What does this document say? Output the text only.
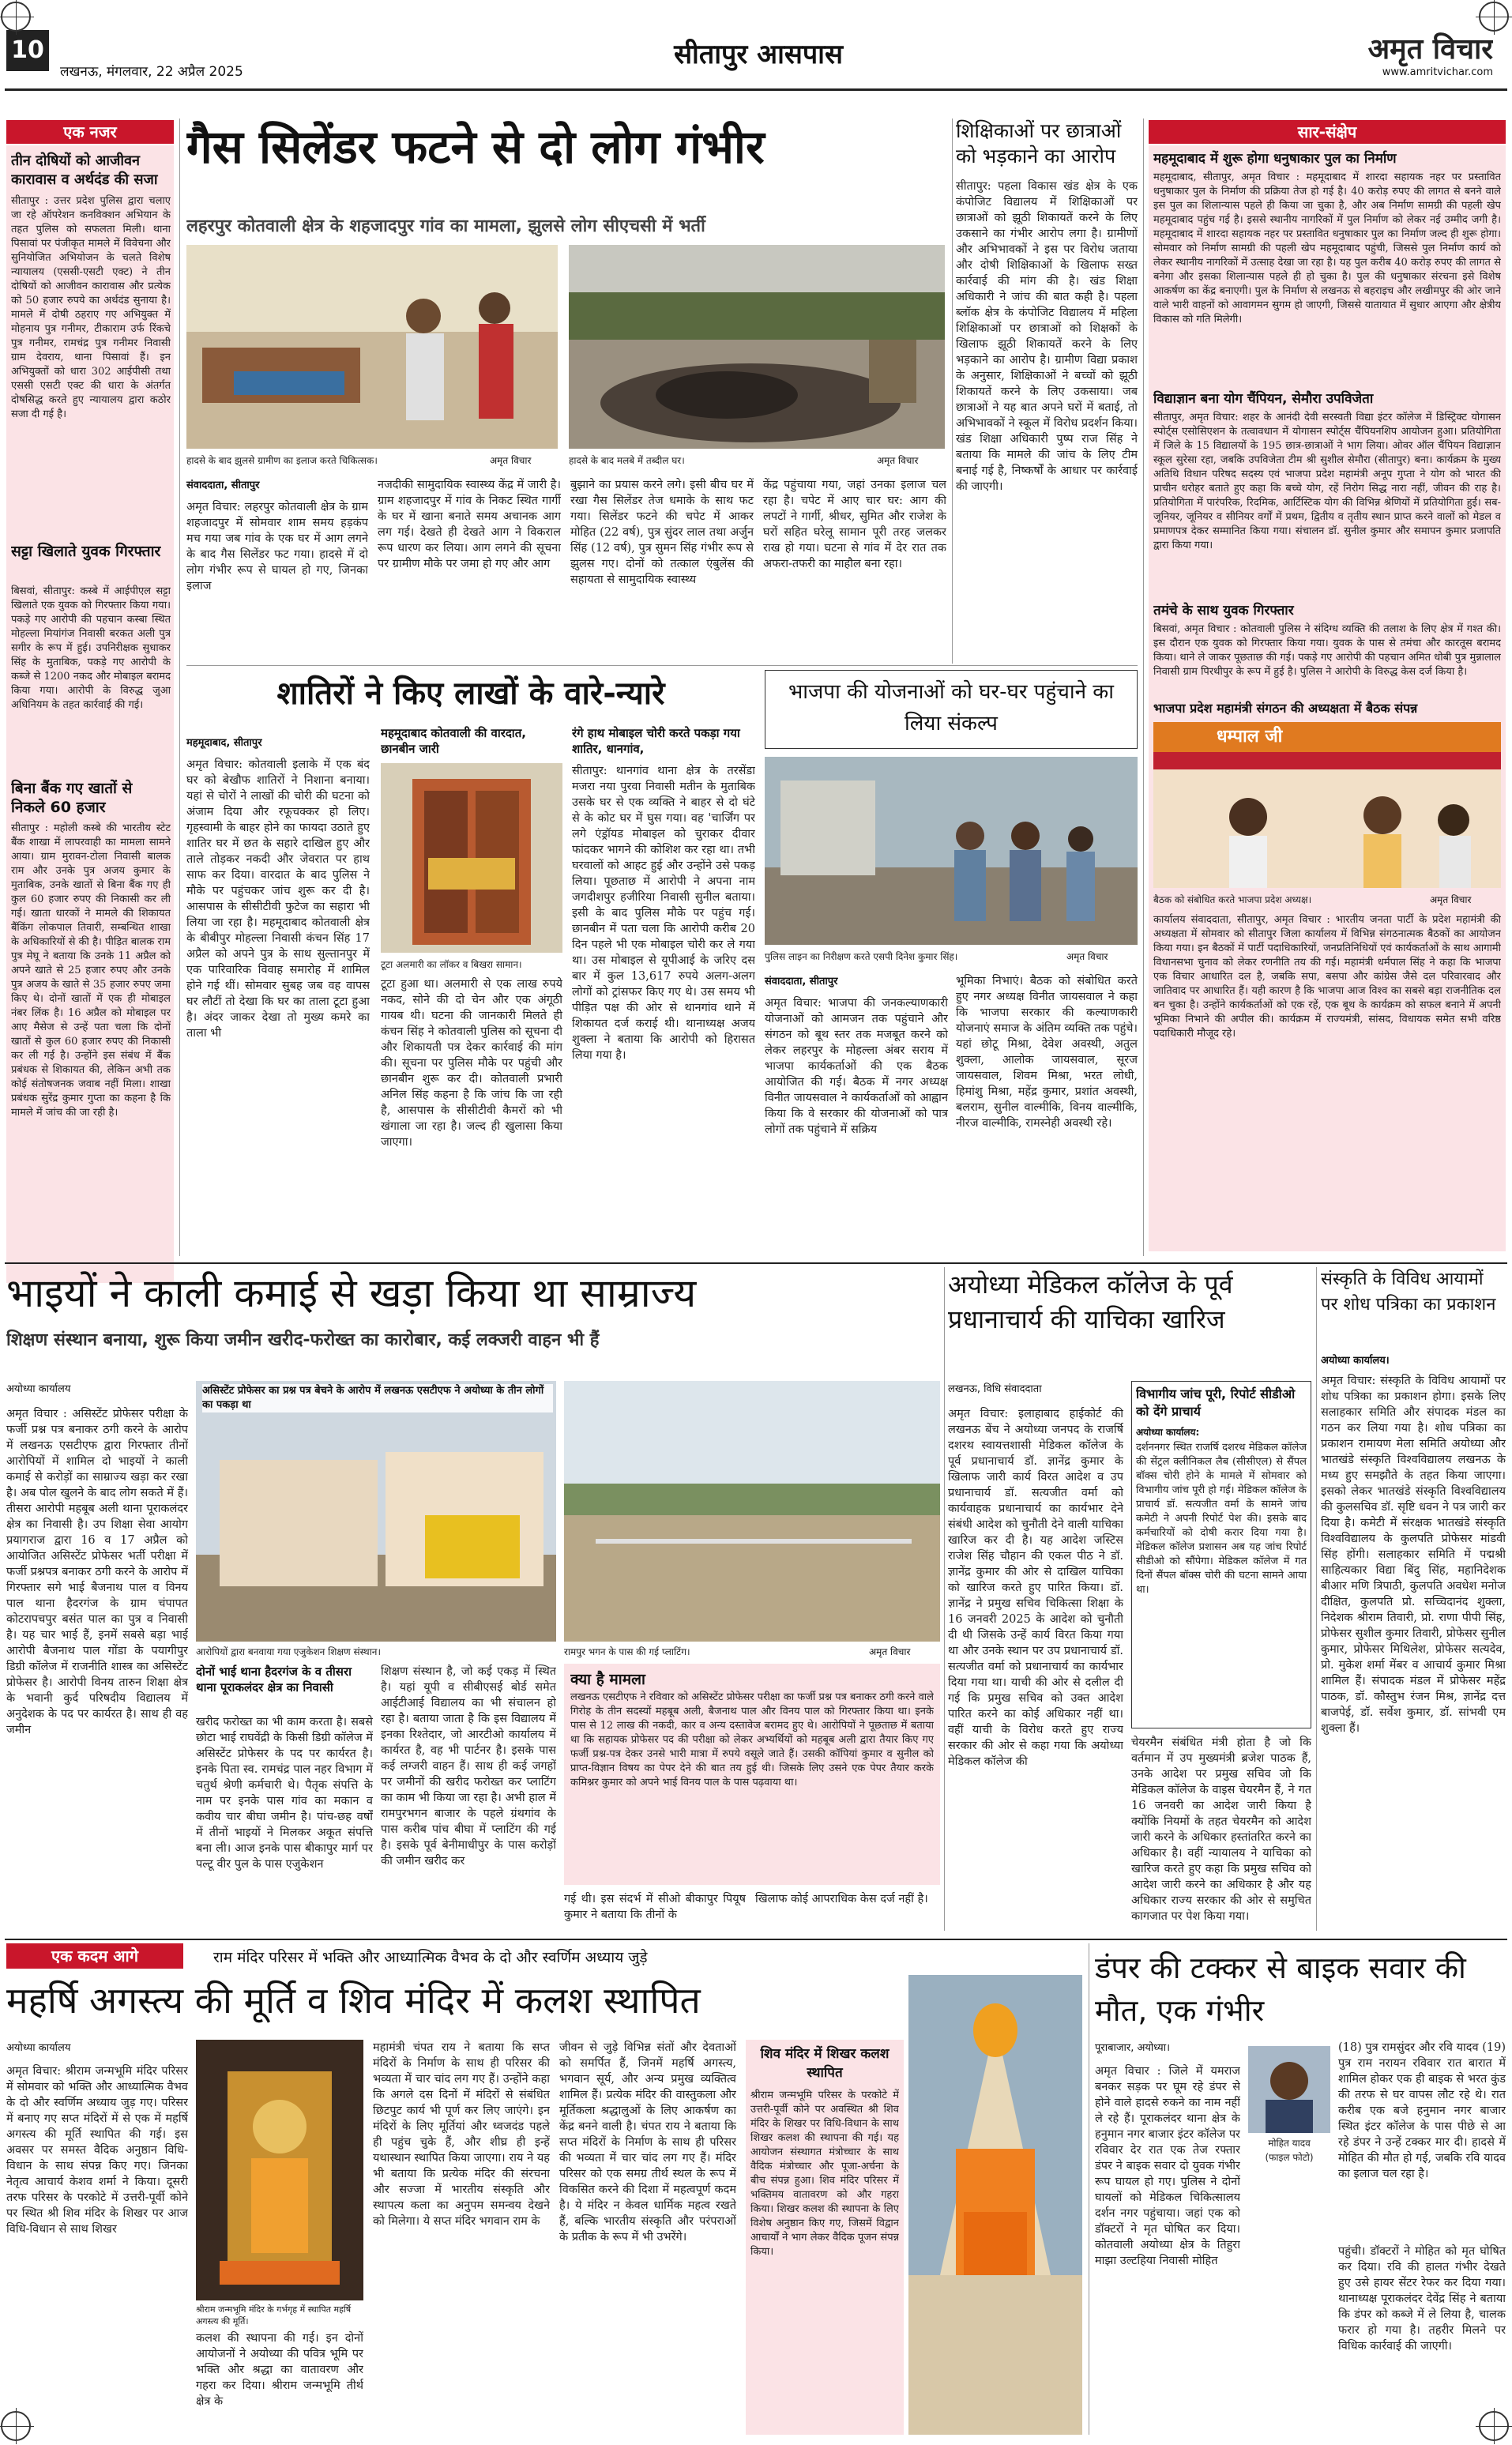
10
लखनऊ, मंगलवार, 22 अप्रैल 2025
सीतापुर आसपास	अमृत विचार
www.amritvichar.com
एक नजर
तीन दोषियों को आजीवन कारावास व अर्थदंड की सजा
सीतापुर : उत्तर प्रदेश पुलिस द्वारा चलाए जा रहे ऑपरेशन कनविक्शन अभियान के तहत पुलिस को सफलता मिली। थाना पिसावां पर पंजीकृत मामले में विवेचना और सुनियोजित अभियोजन के चलते विशेष न्यायालय (एससी-एसटी एक्ट) ने तीन दोषियों को आजीवन कारावास और प्रत्येक को 50 हजार रुपये का अर्थदंड सुनाया है। मामले में दोषी ठहराए गए अभियुक्त में मोहनाय पुत्र गनीमर, टीकाराम उर्फ रिंकचे पुत्र गनीमर, रामचंद्र पुत्र गनीमर निवासी ग्राम देवराय, थाना पिसावां हैं। इन अभियुक्तों को धारा 302 आईपीसी तथा एससी एसटी एक्ट की धारा के अंतर्गत दोषसिद्ध करते हुए न्यायालय द्वारा कठोर सजा दी गई है।
सट्टा खिलाते युवक गिरफ्तार
बिसवां, सीतापुर: कस्बे में आईपीएल सट्टा खिलाते एक युवक को गिरफ्तार किया गया। पकड़े गए आरोपी की पहचान कस्बा स्थित मोहल्ला मियांगंज निवासी बरकत अली पुत्र सगीर के रूप में हुई। उपनिरीक्षक सुधाकर सिंह के मुताबिक, पकड़े गए आरोपी के कब्जे से 1200 नकद और मोबाइल बरामद किया गया। आरोपी के विरुद्ध जुआ अधिनियम के तहत कार्रवाई की गई।
बिना बैंक गए खातों से निकले 60 हजार
सीतापुर : महोली कस्बे की भारतीय स्टेट बैंक शाखा में लापरवाही का मामला सामने आया। ग्राम मुरावन-टोला निवासी बालक राम और उनके पुत्र अजय कुमार के मुताबिक, उनके खातों से बिना बैंक गए ही कुल 60 हजार रुपए की निकासी कर ली गई। खाता धारकों ने मामले की शिकायत बैंकिंग लोकपाल तिवारी, सम्बन्धित शाखा के अधिकारियों से की है। पीड़ित बालक राम पुत्र मेघू ने बताया कि उनके 11 अप्रैल को अपने खाते से 25 हजार रुपए और उनके पुत्र अजय के खाते से 35 हजार रुपए जमा किए थे। दोनों खातों में एक ही मोबाइल नंबर लिंक है। 16 अप्रैल को मोबाइल पर आए मैसेज से उन्हें पता चला कि दोनों खातों से कुल 60 हजार रुपए की निकासी कर ली गई है। उन्होंने इस संबंध में बैंक प्रबंधक से शिकायत की, लेकिन अभी तक कोई संतोषजनक जवाब नहीं मिला। शाखा प्रबंधक सुरेंद्र कुमार गुप्ता का कहना है कि मामले में जांच की जा रही है।
गैस सिलेंडर फटने से दो लोग गंभीर
लहरपुर कोतवाली क्षेत्र के शहजादपुर गांव का मामला, झुलसे लोग सीएचसी में भर्ती
हादसे के बाद झुलसे ग्रामीण का इलाज करते चिकित्सक।	अमृत विचार	हादसे के बाद मलबे में तब्दील घर।	अमृत विचार
संवाददाता, सीतापुर
अमृत विचार: लहरपुर कोतवाली क्षेत्र के ग्राम शहजादपुर में सोमवार शाम समय हड़कंप मच गया जब गांव के एक घर में आग लगने के बाद गैस सिलेंडर फट गया। हादसे में दो लोग गंभीर रूप से घायल हो गए, जिनका इलाज
नजदीकी सामुदायिक स्वास्थ्य केंद्र में जारी है। ग्राम शहजादपुर में गांव के निकट स्थित गार्गी के घर में खाना बनाते समय अचानक आग लग गई। देखते ही देखते आग ने विकराल रूप धारण कर लिया। आग लगने की सूचना पर ग्रामीण मौके पर जमा हो गए और आग
बुझाने का प्रयास करने लगे। इसी बीच घर में रखा गैस सिलेंडर तेज धमाके के साथ फट गया। सिलेंडर फटने की चपेट में आकर मोहित (22 वर्ष), पुत्र सुंदर लाल तथा अर्जुन सिंह (12 वर्ष), पुत्र सुमन सिंह गंभीर रूप से झुलस गए। दोनों को तत्काल एंबुलेंस की सहायता से सामुदायिक स्वास्थ्य
केंद्र पहुंचाया गया, जहां उनका इलाज चल रहा है। चपेट में आए चार घर: आग की लपटों ने गार्गी, श्रीधर, सुमित और राजेश के घरों सहित घरेलू सामान पूरी तरह जलकर राख हो गया। घटना से गांव में देर रात तक अफरा-तफरी का माहौल बना रहा।
शिक्षिकाओं पर छात्राओं को भड़काने का आरोप
सीतापुर: पहला विकास खंड क्षेत्र के एक कंपोजिट विद्यालय में शिक्षिकाओं पर छात्राओं को झूठी शिकायतें करने के लिए उकसाने का गंभीर आरोप लगा है। ग्रामीणों और अभिभावकों ने इस पर विरोध जताया और दोषी शिक्षिकाओं के खिलाफ सख्त कार्रवाई की मांग की है। खंड शिक्षा अधिकारी ने जांच की बात कही है। पहला ब्लॉक क्षेत्र के कंपोजिट विद्यालय में महिला शिक्षिकाओं पर छात्राओं को शिक्षकों के खिलाफ झूठी शिकायतें करने के लिए भड़काने का आरोप है। ग्रामीण विद्या प्रकाश के अनुसार, शिक्षिकाओं ने बच्चों को झूठी शिकायतें करने के लिए उकसाया। जब छात्राओं ने यह बात अपने घरों में बताई, तो अभिभावकों ने स्कूल में विरोध प्रदर्शन किया। खंड शिक्षा अधिकारी पुष्प राज सिंह ने बताया कि मामले की जांच के लिए टीम बनाई गई है, निष्कर्षों के आधार पर कार्रवाई की जाएगी।
शातिरों ने किए लाखों के वारे-न्यारे
महमूदाबाद, सीतापुर
अमृत विचार: कोतवाली इलाके में एक बंद घर को बेखौफ शातिरों ने निशाना बनाया। यहां से चोरों ने लाखों की चोरी की घटना को अंजाम दिया और रफूचक्कर हो लिए। गृहस्वामी के बाहर होने का फायदा उठाते हुए शातिर घर में छत के सहारे दाखिल हुए और ताले तोड़कर नकदी और जेवरात पर हाथ साफ कर दिया। वारदात के बाद पुलिस ने मौके पर पहुंचकर जांच शुरू कर दी है। आसपास के सीसीटीवी फुटेज का सहारा भी लिया जा रहा है। महमूदाबाद कोतवाली क्षेत्र के बीबीपुर मोहल्ला निवासी कंचन सिंह 17 अप्रैल को अपने पुत्र के साथ सुल्तानपुर में एक पारिवारिक विवाह समारोह में शामिल होने गई थीं। सोमवार सुबह जब वह वापस घर लौटीं तो देखा कि घर का ताला टूटा हुआ है। अंदर जाकर देखा तो मुख्य कमरे का ताला भी
महमूदाबाद कोतवाली की वारदात, छानबीन जारी
टूटा अलमारी का लॉकर व बिखरा सामान।
टूटा हुआ था। अलमारी से एक लाख रुपये नकद, सोने की दो चेन और एक अंगूठी गायब थी। घटना की जानकारी मिलते ही कंचन सिंह ने कोतवाली पुलिस को सूचना दी और शिकायती पत्र देकर कार्रवाई की मांग की। सूचना पर पुलिस मौके पर पहुंची और छानबीन शुरू कर दी। कोतवाली प्रभारी अनिल सिंह कहना है कि जांच कि जा रही है, आसपास के सीसीटीवी कैमरों को भी खंगाला जा रहा है। जल्द ही खुलासा किया जाएगा।
रंगे हाथ मोबाइल चोरी करते पकड़ा गया शातिर, धानगांव,
सीतापुर: थानगांव थाना क्षेत्र के तरसेंडा मजरा नया पुरवा निवासी मतीन के मुताबिक उसके घर से एक व्यक्ति ने बाहर से दो घंटे से के कोट घर में घुस गया। वह 'चार्जिंग पर लगे एंड्रॉयड मोबाइल को चुराकर दीवार फांदकर भागने की कोशिश कर रहा था। तभी घरवालों को आहट हुई और उन्होंने उसे पकड़ लिया। पूछताछ में आरोपी ने अपना नाम जगदीशपुर हजीरिया निवासी सुनील बताया। इसी के बाद पुलिस मौके पर पहुंच गई। छानबीन में पता चला कि आरोपी करीब 20 दिन पहले भी एक मोबाइल चोरी कर ले गया था। उस मोबाइल से यूपीआई के जरिए दस बार में कुल 13,617 रुपये अलग-अलग लोगों को ट्रांसफर किए गए थे। उस समय भी पीड़ित पक्ष की ओर से थानगांव थाने में शिकायत दर्ज कराई थी। थानाध्यक्ष अजय शुक्ला ने बताया कि आरोपी को हिरासत लिया गया है।
भाजपा की योजनाओं को घर-घर पहुंचाने का लिया संकल्प
पुलिस लाइन का निरीक्षण करते एसपी दिनेश कुमार सिंह।	अमृत विचार
संवाददाता, सीतापुर
अमृत विचार: भाजपा की जनकल्याणकारी योजनाओं को आमजन तक पहुंचाने और संगठन को बूथ स्तर तक मजबूत करने को लेकर लहरपुर के मोहल्ला अंबर सराय में भाजपा कार्यकर्ताओं की एक बैठक आयोजित की गई। बैठक में नगर अध्यक्ष विनीत जायसवाल ने कार्यकर्ताओं को आह्वान किया कि वे सरकार की योजनाओं को पात्र लोगों तक पहुंचाने में सक्रिय
भूमिका निभाएं। बैठक को संबोधित करते हुए नगर अध्यक्ष विनीत जायसवाल ने कहा कि भाजपा सरकार की कल्याणकारी योजनाएं समाज के अंतिम व्यक्ति तक पहुंचे। यहां छोटू मिश्रा, देवेश अवस्थी, अतुल शुक्ला, आलोक जायसवाल, सूरज जायसवाल, शिवम मिश्रा, भरत लोधी, हिमांशु मिश्रा, महेंद्र कुमार, प्रशांत अवस्थी, बलराम, सुनील वाल्मीकि, विनय वाल्मीकि, नीरज वाल्मीकि, रामस्नेही अवस्थी रहे।
सार-संक्षेप
महमूदाबाद में शुरू होगा धनुषाकार पुल का निर्माण
महमूदाबाद, सीतापुर, अमृत विचार : महमूदाबाद में शारदा सहायक नहर पर प्रस्तावित धनुषाकार पुल के निर्माण की प्रक्रिया तेज हो गई है। 40 करोड़ रुपए की लागत से बनने वाले इस पुल का शिलान्यास पहले ही किया जा चुका है, और अब निर्माण सामग्री की पहली खेप महमूदाबाद पहुंच गई है। इससे स्थानीय नागरिकों में पुल निर्माण को लेकर नई उम्मीद जगी है। महमूदाबाद में शारदा सहायक नहर पर प्रस्तावित धनुषाकार पुल का निर्माण जल्द ही शुरू होगा। सोमवार को निर्माण सामग्री की पहली खेप महमूदाबाद पहुंची, जिससे पुल निर्माण कार्य को लेकर स्थानीय नागरिकों में उत्साह देखा जा रहा है। यह पुल करीब 40 करोड़ रुपए की लागत से बनेगा और इसका शिलान्यास पहले ही हो चुका है। पुल की धनुषाकार संरचना इसे विशेष आकर्षण का केंद्र बनाएगी। पुल के निर्माण से लखनऊ से बहराइच और लखीमपुर की ओर जाने वाले भारी वाहनों को आवागमन सुगम हो जाएगी, जिससे यातायात में सुधार आएगा और क्षेत्रीय विकास को गति मिलेगी।
विद्याज्ञान बना योग चैंपियन, सेमौरा उपविजेता
सीतापुर, अमृत विचार: शहर के आनंदी देवी सरस्वती विद्या इंटर कॉलेज में डिस्ट्रिक्ट योगासन स्पोर्ट्स एसोसिएशन के तत्वावधान में योगासन स्पोर्ट्स चैंपियनशिप आयोजन हुआ। प्रतियोगिता में जिले के 15 विद्यालयों के 195 छात्र-छात्राओं ने भाग लिया। ओवर ऑल चैंपियन विद्याज्ञान स्कूल सुरेसा रहा, जबकि उपविजेता टीम श्री सुशील सेमौरा (सीतापुर) बना। कार्यक्रम के मुख्य अतिथि विधान परिषद सदस्य एवं भाजपा प्रदेश महामंत्री अनूप गुप्ता ने योग को भारत की प्राचीन धरोहर बताते हुए कहा कि बच्चे योग, रहें निरोग सिद्ध नारा नहीं, जीवन की राह है। प्रतियोगिता में पारंपरिक, रिदमिक, आर्टिस्टिक योग की विभिन्न श्रेणियों में प्रतियोगिता हुई। सब-जूनियर, जूनियर व सीनियर वर्गों में प्रथम, द्वितीय व तृतीय स्थान प्राप्त करने वालों को मेडल व प्रमाणपत्र देकर सम्मानित किया गया। संचालन डॉ. सुनील कुमार और समापन कुमार प्रजापति द्वारा किया गया।
तमंचे के साथ युवक गिरफ्तार
बिसवां, अमृत विचार : कोतवाली पुलिस ने संदिग्ध व्यक्ति की तलाश के लिए क्षेत्र में गश्त की। इस दौरान एक युवक को गिरफ्तार किया गया। युवक के पास से तमंचा और कारतूस बरामद किया। थाने ले जाकर पूछताछ की गई। पकड़े गए आरोपी की पहचान अमित धोबी पुत्र मुन्नालाल निवासी ग्राम पिरथीपुर के रूप में हुई है। पुलिस ने आरोपी के विरुद्ध केस दर्ज किया है।
भाजपा प्रदेश महामंत्री संगठन की अध्यक्षता में बैठक संपन्न
धम्पाल जी
बैठक को संबोधित करते भाजपा प्रदेश अध्यक्ष।	अमृत विचार
कार्यालय संवाददाता, सीतापुर, अमृत विचार : भारतीय जनता पार्टी के प्रदेश महामंत्री की अध्यक्षता में सोमवार को सीतापुर जिला कार्यालय में विभिन्न संगठनात्मक बैठकों का आयोजन किया गया। इन बैठकों में पार्टी पदाधिकारियों, जनप्रतिनिधियों एवं कार्यकर्ताओं के साथ आगामी विधानसभा चुनाव को लेकर रणनीति तय की गई। महामंत्री धर्मपाल सिंह ने कहा कि भाजपा एक विचार आधारित दल है, जबकि सपा, बसपा और कांग्रेस जैसे दल परिवारवाद और जातिवाद पर आधारित हैं। यही कारण है कि भाजपा आज विश्व का सबसे बड़ा राजनीतिक दल बन चुका है। उन्होंने कार्यकर्ताओं को एक रहें, एक बूथ के कार्यक्रम को सफल बनाने में अपनी भूमिका निभाने की अपील की। कार्यक्रम में राज्यमंत्री, सांसद, विधायक समेत सभी वरिष्ठ पदाधिकारी मौजूद रहे।
भाइयों ने काली कमाई से खड़ा किया था साम्राज्य
शिक्षण संस्थान बनाया, शुरू किया जमीन खरीद-फरोख्त का कारोबार, कई लक्जरी वाहन भी हैं
अयोध्या कार्यालय
अमृत विचार : असिस्टेंट प्रोफेसर परीक्षा के फर्जी प्रश्न पत्र बनाकर ठगी करने के आरोप में लखनऊ एसटीएफ द्वारा गिरफ्तार तीनों आरोपियों में शामिल दो भाइयों ने काली कमाई से करोड़ों का साम्राज्य खड़ा कर रखा है। अब पोल खुलने के बाद लोग सकते में हैं। तीसरा आरोपी महबूब अली थाना पूराकलंदर क्षेत्र का निवासी है। उप शिक्षा सेवा आयोग प्रयागराज द्वारा 16 व 17 अप्रैल को आयोजित असिस्टेंट प्रोफेसर भर्ती परीक्षा में फर्जी प्रश्नपत्र बनाकर ठगी करने के आरोप में गिरफ्तार सगे भाई बैजनाथ पाल व विनय पाल थाना हैदरगंज के ग्राम चंपापत कोटरापचपुर बसंत पाल का पुत्र व निवासी है। यह चार भाई हैं, इनमें सबसे बड़ा भाई आरोपी बैजनाथ पाल गोंडा के पयागीपुर डिग्री कॉलेज में राजनीति शास्त्र का असिस्टेंट प्रोफेसर है। आरोपी विनय तारुन शिक्षा क्षेत्र के भवानी कुर्द परिषदीय विद्यालय में अनुदेशक के पद पर कार्यरत है। साथ ही वह जमीन
असिस्टेंट प्रोफेसर का प्रश्न पत्र बेचने के आरोप में लखनऊ एसटीएफ ने अयोध्या के तीन लोगों का पकड़ा था
आरोपियों द्वारा बनवाया गया एजुकेशन शिक्षण संस्थान।	रामपुर भगन के पास की गई प्लाटिंग।	अमृत विचार
दोनों भाई थाना हैदरगंज के व तीसरा थाना पूराकलंदर क्षेत्र का निवासी
खरीद फरोख्त का भी काम करता है। सबसे छोटा भाई राघवेंद्री के किसी डिग्री कॉलेज में असिस्टेंट प्रोफेसर के पद पर कार्यरत है। इनके पिता स्व. रामचंद्र पाल नहर विभाग में चतुर्थ श्रेणी कर्मचारी थे। पैतृक संपत्ति के नाम पर इनके पास गांव का मकान व कवीय चार बीघा जमीन है। पांच-छह वर्षों में तीनों भाइयों ने मिलकर अकूत संपत्ति बना ली। आज इनके पास बीकापुर मार्ग पर पल्टू वीर पुल के पास एजुकेशन
शिक्षण संस्थान है, जो कई एकड़ में स्थित है। यहां यूपी व सीबीएसई बोर्ड समेत आईटीआई विद्यालय का भी संचालन हो रहा है। बताया जाता है कि इस विद्यालय में इनका रिश्तेदार, जो आरटीओ कार्यालय में कार्यरत है, वह भी पार्टनर है। इसके पास कई लग्जरी वाहन हैं। साथ ही कई जगहों पर जमीनों की खरीद फरोख्त कर प्लाटिंग का काम भी किया जा रहा है। अभी हाल में रामपुरभगन बाजार के पहले ग्रंथगांव के पास करीब पांच बीघा में प्लाटिंग की गई है। इसके पूर्व बेनीमाधीपुर के पास करोड़ों की जमीन खरीद कर
क्या है मामला
लखनऊ एसटीएफ ने रविवार को असिस्टेंट प्रोफेसर परीक्षा का फर्जी प्रश्न पत्र बनाकर ठगी करने वाले गिरोह के तीन सदस्यों महबूब अली, बैजनाथ पाल और विनय पाल को गिरफ्तार किया था। इनके पास से 12 लाख की नकदी, कार व अन्य दस्तावेज बरामद हुए थे। आरोपियों ने पूछताछ में बताया था कि सहायक प्रोफेसर पद की परीक्षा को लेकर अभ्यर्थियों को महबूब अली द्वारा तैयार किए गए फर्जी प्रश्न-पत्र देकर उनसे भारी मात्रा में रुपये वसूले जाते हैं। उसकी कॉपियां कुमार व सुनील को प्राप्त-विज्ञान विषय का पेपर देने की बात तय हुई थी। जिसके लिए उसने एक पेपर तैयार करके कमिश्नर कुमार को अपने भाई विनय पाल के पास पढ़वाया था।
गई थी। इस संदर्भ में सीओ बीकापुर पियूष कुमार ने बताया कि तीनों के
खिलाफ कोई आपराधिक केस दर्ज नहीं है।
अयोध्या मेडिकल कॉलेज के पूर्व प्रधानाचार्य की याचिका खारिज
लखनऊ, विधि संवाददाता
अमृत विचार: इलाहाबाद हाईकोर्ट की लखनऊ बेंच ने अयोध्या जनपद के राजर्षि दशरथ स्वायत्तशासी मेडिकल कॉलेज के पूर्व प्रधानाचार्य डॉ. ज्ञानेंद्र कुमार के खिलाफ जारी कार्य विरत आदेश व उप प्रधानाचार्य डॉ. सत्यजीत वर्मा को कार्यवाहक प्रधानाचार्य का कार्यभार देने संबंधी आदेश को चुनौती देने वाली याचिका खारिज कर दी है। यह आदेश जस्टिस राजेश सिंह चौहान की एकल पीठ ने डॉ. ज्ञानेंद्र कुमार की ओर से दाखिल याचिका को खारिज करते हुए पारित किया। डॉ. ज्ञानेंद्र ने प्रमुख सचिव चिकित्सा शिक्षा के 16 जनवरी 2025 के आदेश को चुनौती दी थी जिसके उन्हें कार्य विरत किया गया था और उनके स्थान पर उप प्रधानाचार्य डॉ. सत्यजीत वर्मा को प्रधानाचार्य का कार्यभार दिया गया था। याची की ओर से दलील दी गई कि प्रमुख सचिव को उक्त आदेश पारित करने का कोई अधिकार नहीं था। वहीं याची के विरोध करते हुए राज्य सरकार की ओर से कहा गया कि अयोध्या मेडिकल कॉलेज की
विभागीय जांच पूरी, रिपोर्ट सीडीओ को देंगे प्राचार्य
अयोध्या कार्यालय:
दर्शननगर स्थित राजर्षि दशरथ मेडिकल कॉलेज की सेंट्रल क्लीनिकल लैब (सीसीएल) से सैंपल बॉक्स चोरी होने के मामले में सोमवार को विभागीय जांच पूरी हो गई। मेडिकल कॉलेज के प्राचार्य डॉ. सत्यजीत वर्मा के सामने जांच कमेटी ने अपनी रिपोर्ट पेश की। इसके बाद कर्मचारियों को दोषी करार दिया गया है। मेडिकल कॉलेज प्रशासन अब यह जांच रिपोर्ट सीडीओ को सौंपेगा। मेडिकल कॉलेज में गत दिनों सैंपल बॉक्स चोरी की घटना सामने आया था।
चेयरमैन संबंधित मंत्री होता है जो कि वर्तमान में उप मुख्यमंत्री ब्रजेश पाठक हैं, उनके आदेश पर प्रमुख सचिव जो कि मेडिकल कॉलेज के वाइस चेयरमैन हैं, ने गत 16 जनवरी का आदेश जारी किया है क्योंकि नियमों के तहत चेयरमैन को आदेश जारी करने के अधिकार हस्तांतरित करने का अधिकार है। वहीं न्यायालय ने याचिका को खारिज करते हुए कहा कि प्रमुख सचिव को आदेश जारी करने का अधिकार है और यह अधिकार राज्य सरकार की ओर से समुचित कागजात पर पेश किया गया।
संस्कृति के विविध आयामों पर शोध पत्रिका का प्रकाशन
अयोध्या कार्यालय।
अमृत विचार: संस्कृति के विविध आयामों पर शोध पत्रिका का प्रकाशन होगा। इसके लिए सलाहकार समिति और संपादक मंडल का गठन कर लिया गया है। शोध पत्रिका का प्रकाशन रामायण मेला समिति अयोध्या और भातखंडे संस्कृति विश्वविद्यालय लखनऊ के मध्य हुए समझौते के तहत किया जाएगा। इसको लेकर भातखंडे संस्कृति विश्वविद्यालय की कुलसचिव डॉ. सृष्टि धवन ने पत्र जारी कर दिया है। कमेटी में संरक्षक भातखंडे संस्कृति विश्वविद्यालय के कुलपति प्रोफेसर मांडवी सिंह होंगी। सलाहकार समिति में पद्मश्री साहित्यकार विद्या बिंदु सिंह, महानिदेशक बीआर मणि त्रिपाठी, कुलपति अवधेश मनोज दीक्षित, कुलपति प्रो. सच्चिदानंद शुक्ला, निदेशक श्रीराम तिवारी, प्रो. राणा पीपी सिंह, प्रोफेसर सुशील कुमार तिवारी, प्रोफेसर सुनील कुमार, प्रोफेसर मिथिलेश, प्रोफेसर सत्यदेव, प्रो. मुकेश शर्मा मेंबर व आचार्य कुमार मिश्रा शामिल हैं। संपादक मंडल में प्रोफेसर महेंद्र पाठक, डॉ. कौस्तुभ रंजन मिश्र, ज्ञानेंद्र दत्त बाजपेई, डॉ. सर्वेश कुमार, डॉ. सांभवी एम शुक्ला हैं।
एक कदम आगे	राम मंदिर परिसर में भक्ति और आध्यात्मिक वैभव के दो और स्वर्णिम अध्याय जुड़े
महर्षि अगस्त्य की मूर्ति व शिव मंदिर में कलश स्थापित
अयोध्या कार्यालय
अमृत विचार: श्रीराम जन्मभूमि मंदिर परिसर में सोमवार को भक्ति और आध्यात्मिक वैभव के दो और स्वर्णिम अध्याय जुड़ गए। परिसर में बनाए गए सप्त मंदिरों में से एक में महर्षि अगस्त्य की मूर्ति स्थापित की गई। इस अवसर पर समस्त वैदिक अनुष्ठान विधि-विधान के साथ संपन्न किए गए। जिनका नेतृत्व आचार्य केशव शर्मा ने किया। दूसरी तरफ परिसर के परकोटे में उत्तरी-पूर्वी कोने पर स्थित श्री शिव मंदिर के शिखर पर आज विधि-विधान से साथ शिखर
श्रीराम जन्मभूमि मंदिर के गर्भगृह में स्थापित महर्षि अगस्त्य की मूर्ति।
कलश की स्थापना की गई। इन दोनों आयोजनों ने अयोध्या की पवित्र भूमि पर भक्ति और श्रद्धा का वातावरण और गहरा कर दिया। श्रीराम जन्मभूमि तीर्थ क्षेत्र के
महामंत्री चंपत राय ने बताया कि सप्त मंदिरों के निर्माण के साथ ही परिसर की भव्यता में चार चांद लग गए हैं। उन्होंने कहा कि अगले दस दिनों में मंदिरों से संबंधित छिटपुट कार्य भी पूर्ण कर लिए जाएंगे। इन मंदिरों के लिए मूर्तियां और ध्वजदंड पहले ही पहुंच चुके हैं, और शीघ्र ही इन्हें यथास्थान स्थापित किया जाएगा। राय ने यह भी बताया कि प्रत्येक मंदिर की संरचना और सज्जा में भारतीय संस्कृति और स्थापत्य कला का अनुपम समन्वय देखने को मिलेगा। ये सप्त मंदिर भगवान राम के
जीवन से जुड़े विभिन्न संतों और देवताओं को समर्पित हैं, जिनमें महर्षि अगस्त्य, भगवान सूर्य, और अन्य प्रमुख व्यक्तित्व शामिल हैं। प्रत्येक मंदिर की वास्तुकला और मूर्तिकला श्रद्धालुओं के लिए आकर्षण का केंद्र बनने वाली है। चंपत राय ने बताया कि सप्त मंदिरों के निर्माण के साथ ही परिसर की भव्यता में चार चांद लग गए हैं। मंदिर परिसर को एक समग्र तीर्थ स्थल के रूप में विकसित करने की दिशा में महत्वपूर्ण कदम है। ये मंदिर न केवल धार्मिक महत्व रखते हैं, बल्कि भारतीय संस्कृति और परंपराओं के प्रतीक के रूप में भी उभरेंगे।
शिव मंदिर में शिखर कलश स्थापित
श्रीराम जन्मभूमि परिसर के परकोटे में उत्तरी-पूर्वी कोने पर अवस्थित श्री शिव मंदिर के शिखर पर विधि-विधान के साथ शिखर कलश की स्थापना की गई। यह आयोजन संस्थागत मंत्रोच्चार के साथ वैदिक मंत्रोच्चार और पूजा-अर्चना के बीच संपन्न हुआ। शिव मंदिर परिसर में भक्तिमय वातावरण को और गहरा किया। शिखर कलश की स्थापना के लिए विशेष अनुष्ठान किए गए, जिसमें विद्वान आचार्यों ने भाग लेकर वैदिक पूजन संपन्न किया।
डंपर की टक्कर से बाइक सवार की मौत, एक गंभीर
पूराबाजार, अयोध्या।
मोहित यादव
(फाइल फोटो)
(18) पुत्र रामसुंदर और रवि यादव (19) पुत्र राम नरायन रविवार रात बारात में शामिल होकर एक ही बाइक से भरत कुंड की तरफ से घर वापस लौट रहे थे। रात करीब एक बजे हनुमान नगर बाजार स्थित इंटर कॉलेज के पास पीछे से आ रहे डंपर ने उन्हें टक्कर मार दी। हादसे में मोहित की मौत हो गई, जबकि रवि यादव का इलाज चल रहा है।
अमृत विचार : जिले में यमराज बनकर सड़क पर घूम रहे डंपर से होने वाले हादसे रुकने का नाम नहीं ले रहे हैं। पूराकलंदर थाना क्षेत्र के हनुमान नगर बाजार इंटर कॉलेज पर रविवार देर रात एक तेज रफ्तार डंपर ने बाइक सवार दो युवक गंभीर रूप घायल हो गए। पुलिस ने दोनों घायलों को मेडिकल चिकित्सालय दर्शन नगर पहुंचाया। जहां एक को डॉक्टरों ने मृत घोषित कर दिया। कोतवाली अयोध्या क्षेत्र के तिहुरा माझा उल्टहिया निवासी मोहित
पहुंची। डॉक्टरों ने मोहित को मृत घोषित कर दिया। रवि की हालत गंभीर देखते हुए उसे हायर सेंटर रेफर कर दिया गया। थानाध्यक्ष पूराकलंदर देवेंद्र सिंह ने बताया कि डंपर को कब्जे में ले लिया है, चालक फरार हो गया है। तहरीर मिलने पर विधिक कार्रवाई की जाएगी।
